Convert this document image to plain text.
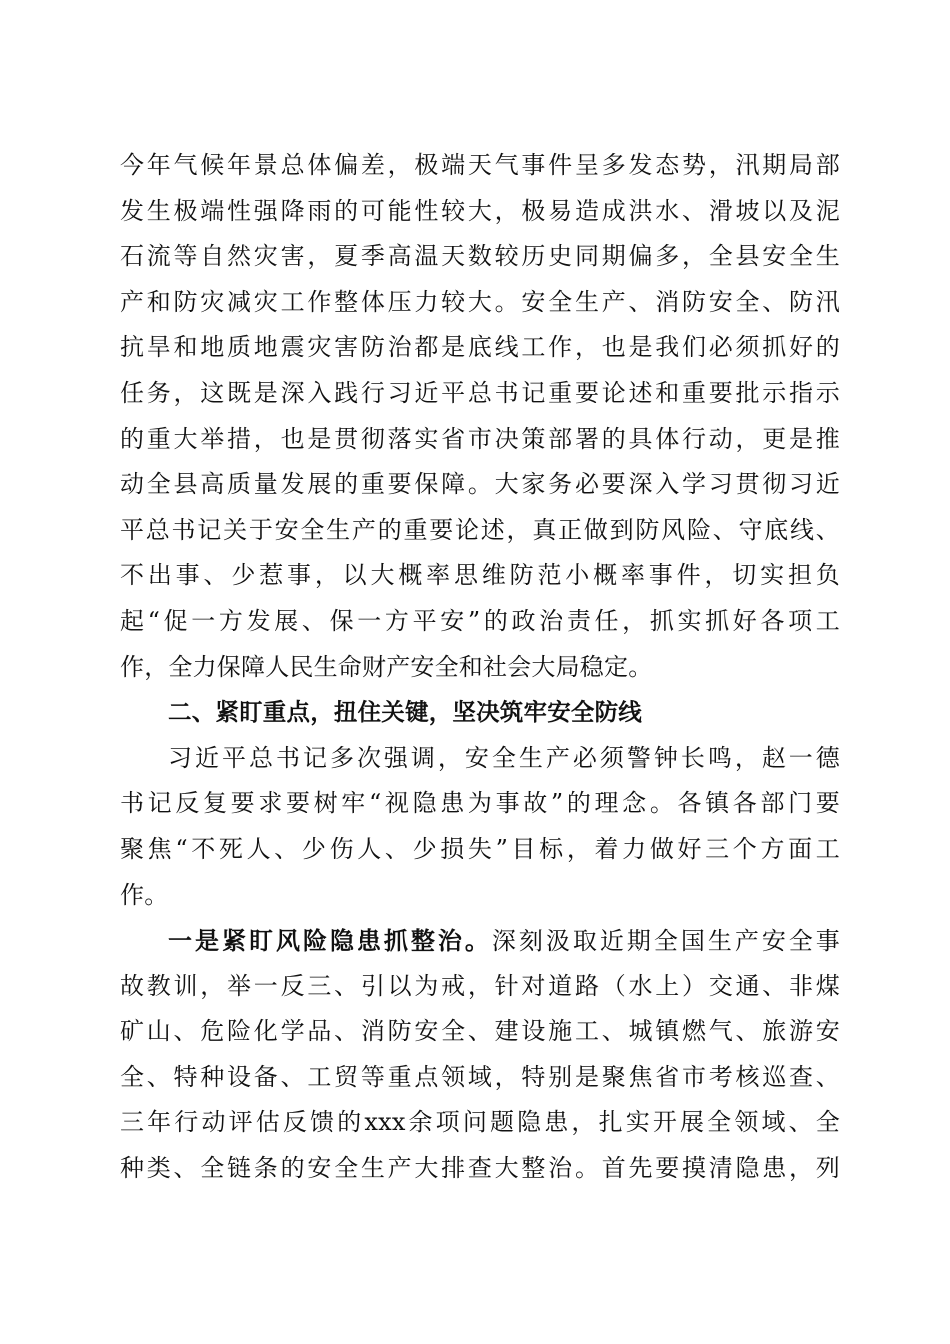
今年气候年景总体偏差，极端天气事件呈多发态势，汛期局部
发生极端性强降雨的可能性较大，极易造成洪水、滑坡以及泥
石流等自然灾害，夏季高温天数较历史同期偏多，全县安全生
产和防灾减灾工作整体压力较大。安全生产、消防安全、防汛
抗旱和地质地震灾害防治都是底线工作，也是我们必须抓好的
任务，这既是深入践行习近平总书记重要论述和重要批示指示
的重大举措，也是贯彻落实省市决策部署的具体行动，更是推
动全县高质量发展的重要保障。大家务必要深入学习贯彻习近
平总书记关于安全生产的重要论述，真正做到防风险、守底线、
不出事、少惹事，以大概率思维防范小概率事件，切实担负
起“促一方发展、保一方平安”的政治责任，抓实抓好各项工
作，全力保障人民生命财产安全和社会大局稳定。
二、紧盯重点，扭住关键，坚决筑牢安全防线
习近平总书记多次强调，安全生产必须警钟长鸣，赵一德
书记反复要求要树牢“视隐患为事故”的理念。各镇各部门要
聚焦“不死人、少伤人、少损失”目标，着力做好三个方面工
作。
一是紧盯风险隐患抓整治。深刻汲取近期全国生产安全事
故教训，举一反三、引以为戒，针对道路（水上）交通、非煤
矿山、危险化学品、消防安全、建设施工、城镇燃气、旅游安
全、特种设备、工贸等重点领域，特别是聚焦省市考核巡查、
三年行动评估反馈的xxx余项问题隐患，扎实开展全领域、全
种类、全链条的安全生产大排查大整治。首先要摸清隐患，列
